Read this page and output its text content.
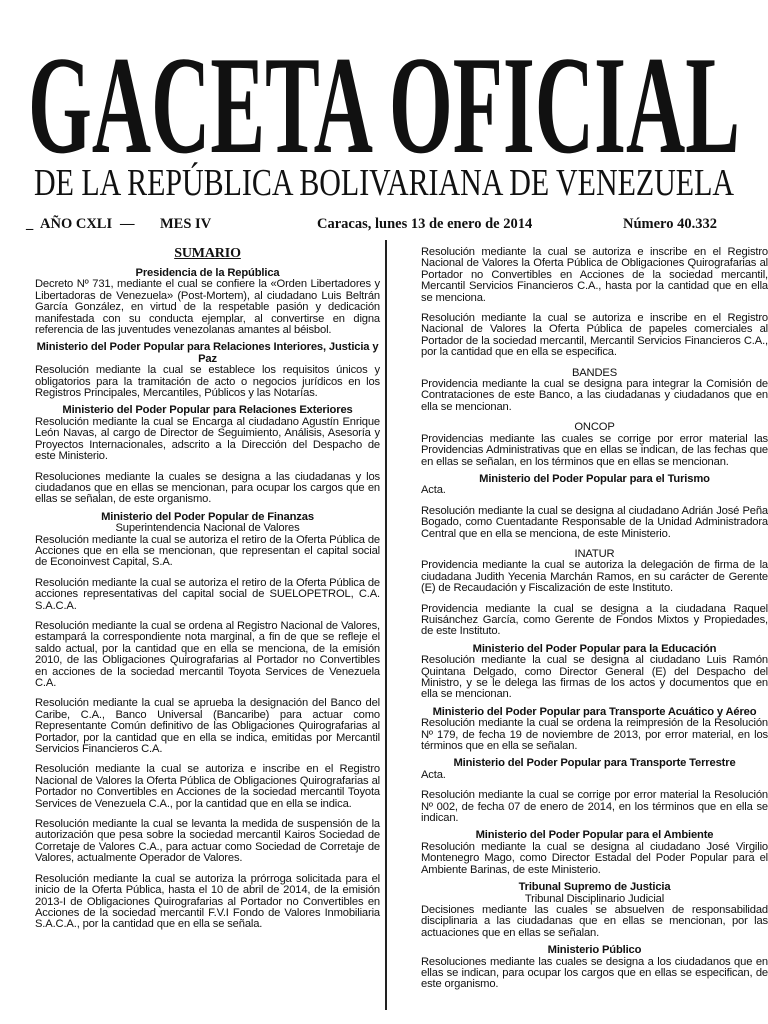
GACETA OFICIAL
DE LA REPÚBLICA BOLIVARIANA DE VENEZUELA
_ AÑO CXLI — MES IV	Caracas, lunes 13 de enero de 2014	Número 40.332
SUMARIO
Presidencia de la República
Decreto Nº 731, mediante el cual se confiere la «Orden Libertadores y Libertadoras de Venezuela» (Post-Mortem), al ciudadano Luis Beltrán García González, en virtud de la respetable pasión y dedicación manifestada con su conducta ejemplar, al convertirse en digna referencia de las juventudes venezolanas amantes al béisbol.
Ministerio del Poder Popular para Relaciones Interiores, Justicia y Paz
Resolución mediante la cual se establece los requisitos únicos y obligatorios para la tramitación de acto o negocios jurídicos en los Registros Principales, Mercantiles, Públicos y las Notarías.
Ministerio del Poder Popular para Relaciones Exteriores
Resolución mediante la cual se Encarga al ciudadano Agustín Enrique León Navas, al cargo de Director de Seguimiento, Análisis, Asesoría y Proyectos Internacionales, adscrito a la Dirección del Despacho de este Ministerio.
Resoluciones mediante la cuales se designa a las ciudadanas y los ciudadanos que en ellas se mencionan, para ocupar los cargos que en ellas se señalan, de este organismo.
Ministerio del Poder Popular de Finanzas
Superintendencia Nacional de Valores
Resolución mediante la cual se autoriza el retiro de la Oferta Pública de Acciones que en ella se mencionan, que representan el capital social de Econoinvest Capital, S.A.
Resolución mediante la cual se autoriza el retiro de la Oferta Pública de acciones representativas del capital social de SUELOPETROL, C.A. S.A.C.A.
Resolución mediante la cual se ordena al Registro Nacional de Valores, estampará la correspondiente nota marginal, a fin de que se refleje el saldo actual, por la cantidad que en ella se menciona, de la emisión 2010, de las Obligaciones Quirografarias al Portador no Convertibles en acciones de la sociedad mercantil Toyota Services de Venezuela C.A.
Resolución mediante la cual se aprueba la designación del Banco del Caribe, C.A., Banco Universal (Bancaribe) para actuar como Representante Común definitivo de las Obligaciones Quirografarias al Portador, por la cantidad que en ella se indica, emitidas por Mercantil Servicios Financieros C.A.
Resolución mediante la cual se autoriza e inscribe en el Registro Nacional de Valores la Oferta Pública de Obligaciones Quirografarias al Portador no Convertibles en Acciones de la sociedad mercantil Toyota Services de Venezuela C.A., por la cantidad que en ella se indica.
Resolución mediante la cual se levanta la medida de suspensión de la autorización que pesa sobre la sociedad mercantil Kairos Sociedad de Corretaje de Valores C.A., para actuar como Sociedad de Corretaje de Valores, actualmente Operador de Valores.
Resolución mediante la cual se autoriza la prórroga solicitada para el inicio de la Oferta Pública, hasta el 10 de abril de 2014, de la emisión 2013-I de Obligaciones Quirografarias al Portador no Convertibles en Acciones de la sociedad mercantil F.V.I Fondo de Valores Inmobiliaria S.A.C.A., por la cantidad que en ella se señala.
Resolución mediante la cual se autoriza e inscribe en el Registro Nacional de Valores la Oferta Pública de Obligaciones Quirografarias al Portador no Convertibles en Acciones de la sociedad mercantil, Mercantil Servicios Financieros C.A., hasta por la cantidad que en ella se menciona.
Resolución mediante la cual se autoriza e inscribe en el Registro Nacional de Valores la Oferta Pública de papeles comerciales al Portador de la sociedad mercantil, Mercantil Servicios Financieros C.A., por la cantidad que en ella se especifica.
BANDES
Providencia mediante la cual se designa para integrar la Comisión de Contrataciones de este Banco, a las ciudadanas y ciudadanos que en ella se mencionan.
ONCOP
Providencias mediante las cuales se corrige por error material las Providencias Administrativas que en ellas se indican, de las fechas que en ellas se señalan, en los términos que en ellas se mencionan.
Ministerio del Poder Popular para el Turismo
Acta.
Resolución mediante la cual se designa al ciudadano Adrián José Peña Bogado, como Cuentadante Responsable de la Unidad Administradora Central que en ella se menciona, de este Ministerio.
INATUR
Providencia mediante la cual se autoriza la delegación de firma de la ciudadana Judith Yecenia Marchán Ramos, en su carácter de Gerente (E) de Recaudación y Fiscalización de este Instituto.
Providencia mediante la cual se designa a la ciudadana Raquel Ruisánchez García, como Gerente de Fondos Mixtos y Propiedades, de este Instituto.
Ministerio del Poder Popular para la Educación
Resolución mediante la cual se designa al ciudadano Luis Ramón Quintana Delgado, como Director General (E) del Despacho del Ministro, y se le delega las firmas de los actos y documentos que en ella se mencionan.
Ministerio del Poder Popular para Transporte Acuático y Aéreo
Resolución mediante la cual se ordena la reimpresión de la Resolución Nº 179, de fecha 19 de noviembre de 2013, por error material, en los términos que en ella se señalan.
Ministerio del Poder Popular para Transporte Terrestre
Acta.
Resolución mediante la cual se corrige por error material la Resolución Nº 002, de fecha 07 de enero de 2014, en los términos que en ella se indican.
Ministerio del Poder Popular para el Ambiente
Resolución mediante la cual se designa al ciudadano José Virgilio Montenegro Mago, como Director Estadal del Poder Popular para el Ambiente Barinas, de este Ministerio.
Tribunal Supremo de Justicia
Tribunal Disciplinario Judicial
Decisiones mediante las cuales se absuelven de responsabilidad disciplinaria a las ciudadanas que en ellas se mencionan, por las actuaciones que en ellas se señalan.
Ministerio Público
Resoluciones mediante las cuales se designa a los ciudadanos que en ellas se indican, para ocupar los cargos que en ellas se especifican, de este organismo.
